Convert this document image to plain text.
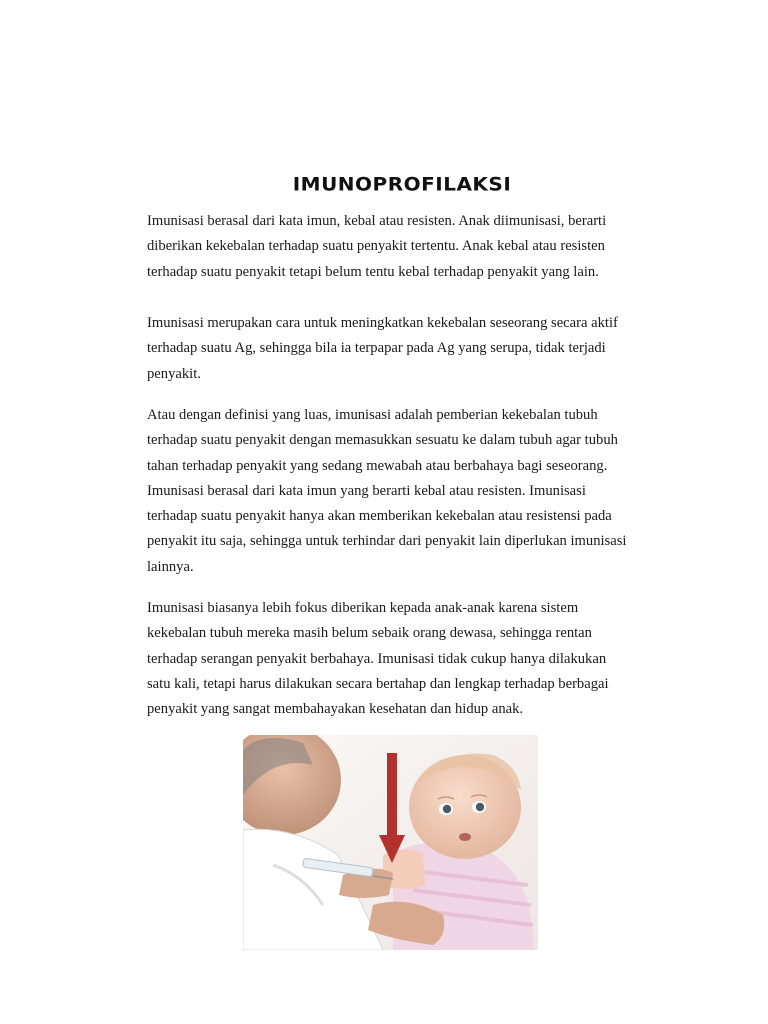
IMUNOPROFILAKSI

Imunisasi berasal dari kata imun, kebal atau resisten. Anak diimunisasi, berarti
diberikan kekebalan terhadap suatu penyakit tertentu. Anak kebal atau resisten
terhadap suatu penyakit tetapi belum tentu kebal terhadap penyakit yang lain.

Imunisasi merupakan cara untuk meningkatkan kekebalan seseorang secara aktif
terhadap suatu Ag, sehingga bila ia terpapar pada Ag yang serupa, tidak terjadi
penyakit.

Atau dengan definisi yang luas, imunisasi adalah pemberian kekebalan tubuh
terhadap suatu penyakit dengan memasukkan sesuatu ke dalam tubuh agar tubuh
tahan terhadap penyakit yang sedang mewabah atau berbahaya bagi seseorang.
Imunisasi berasal dari kata imun yang berarti kebal atau resisten. Imunisasi
terhadap suatu penyakit hanya akan memberikan kekebalan atau resistensi pada
penyakit itu saja, sehingga untuk terhindar dari penyakit lain diperlukan imunisasi
lainnya.

Imunisasi biasanya lebih fokus diberikan kepada anak-anak karena sistem
kekebalan tubuh mereka masih belum sebaik orang dewasa, sehingga rentan
terhadap serangan penyakit berbahaya. Imunisasi tidak cukup hanya dilakukan
satu kali, tetapi harus dilakukan secara bertahap dan lengkap terhadap berbagai
penyakit yang sangat membahayakan kesehatan dan hidup anak.
